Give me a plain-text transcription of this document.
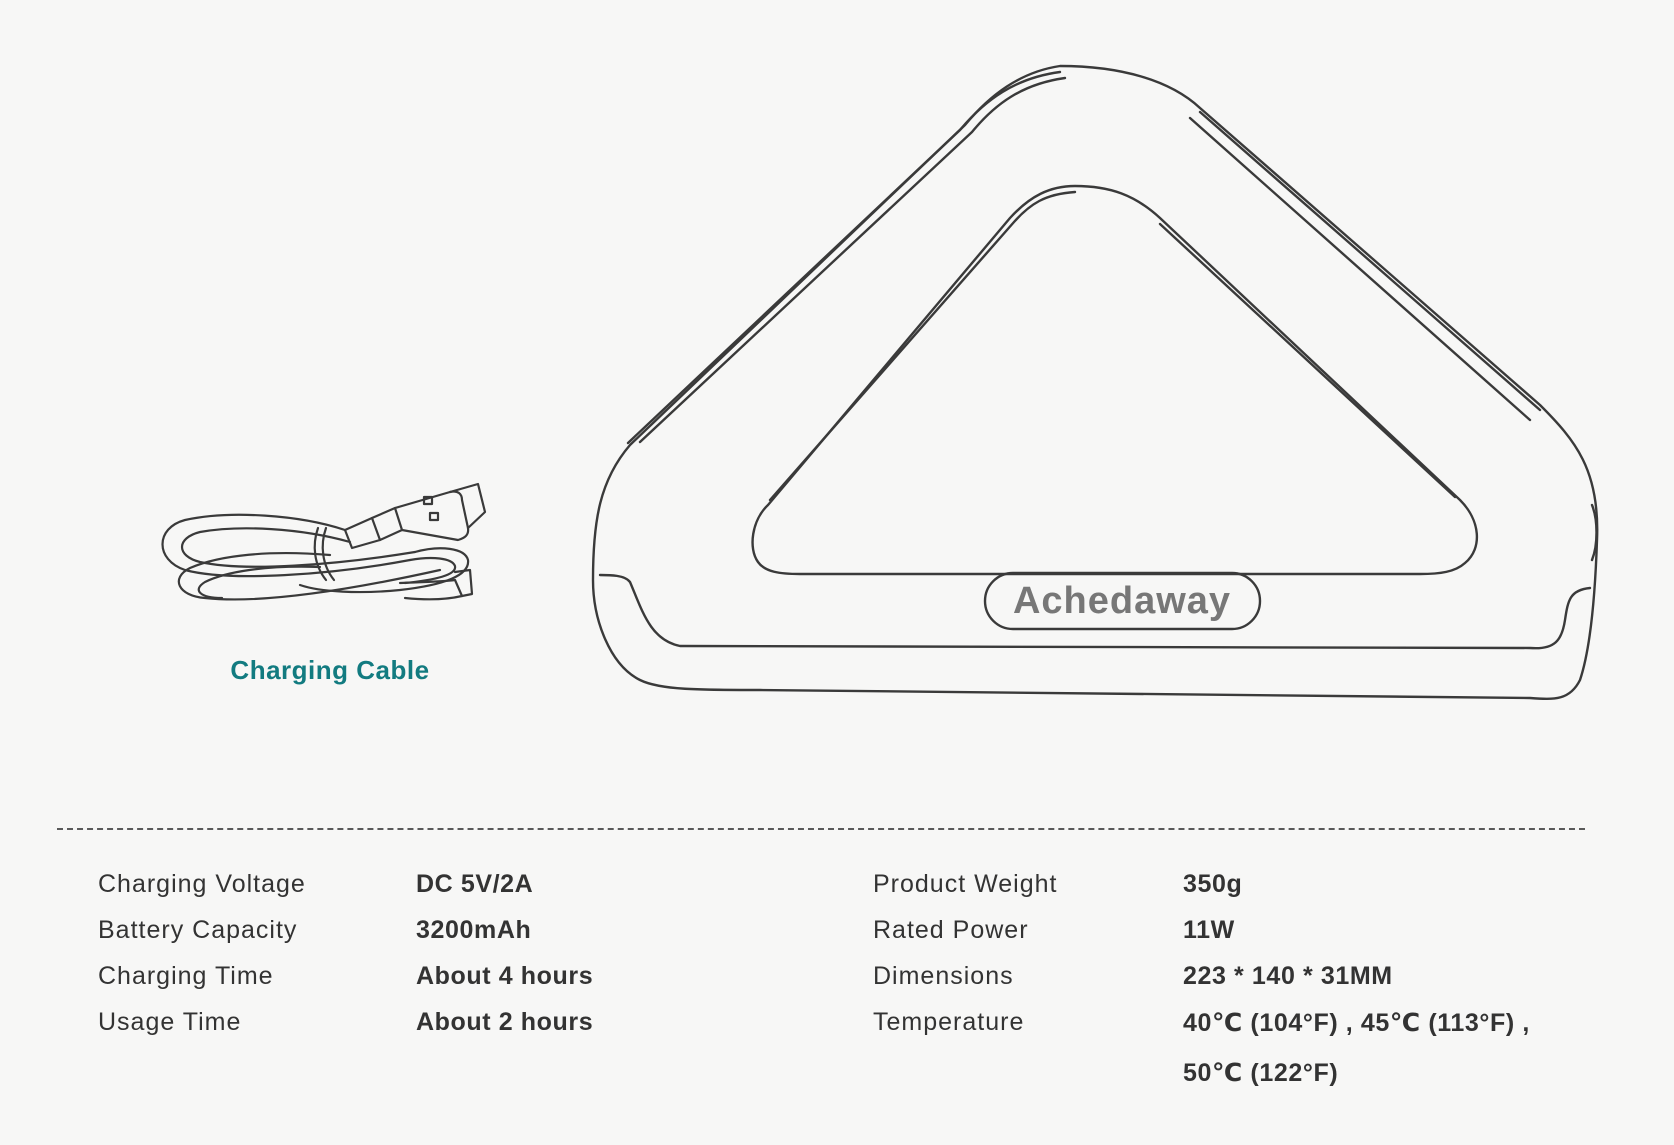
Achedaway
Charging Cable
Charging Voltage	DC 5V/2A
Battery Capacity	3200mAh
Charging Time	About 4 hours
Usage Time	About 2 hours
Product Weight	350g
Rated Power	11W
Dimensions	223 * 140 * 31MM
Temperature	40℃ (104°F) , 45℃ (113°F) ,
50℃ (122°F)
